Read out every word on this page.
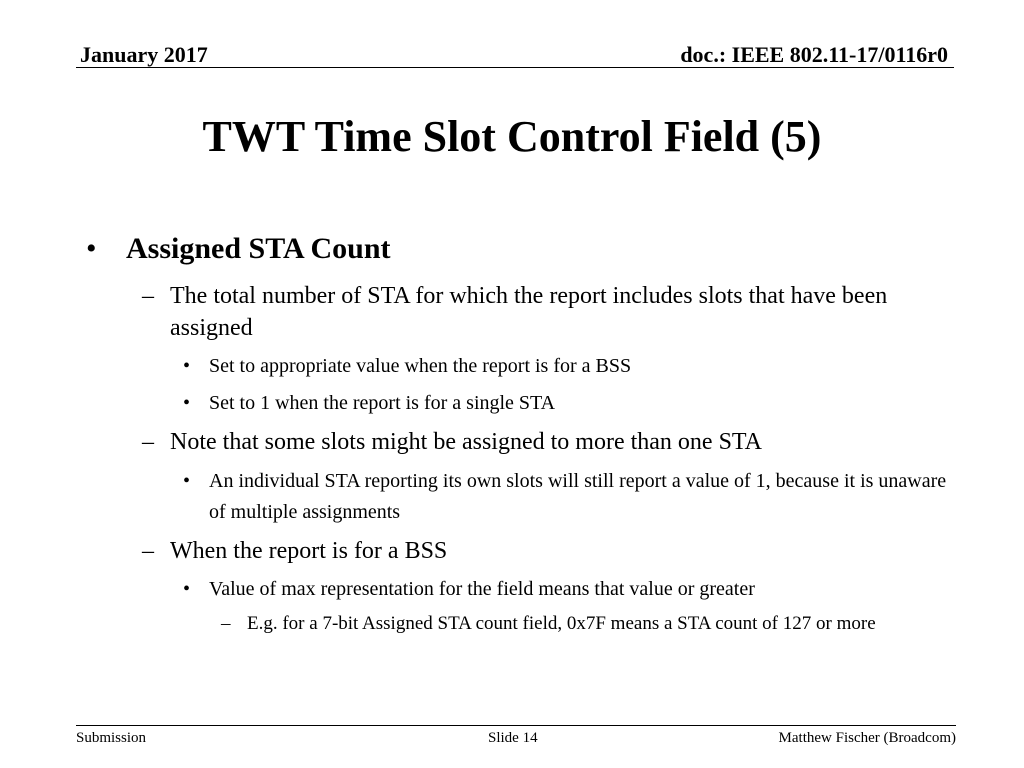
January 2017	doc.: IEEE 802.11-17/0116r0
TWT Time Slot Control Field (5)
• Assigned STA Count
– The total number of STA for which the report includes slots that have been assigned
• Set to appropriate value when the report is for a BSS
• Set to 1 when the report is for a single STA
– Note that some slots might be assigned to more than one STA
• An individual STA reporting its own slots will still report a value of 1, because it is unaware of multiple assignments
– When the report is for a BSS
• Value of max representation for the field means that value or greater
– E.g. for a 7-bit Assigned STA count field, 0x7F means a STA count of 127 or more
Submission	Slide 14	Matthew Fischer (Broadcom)
